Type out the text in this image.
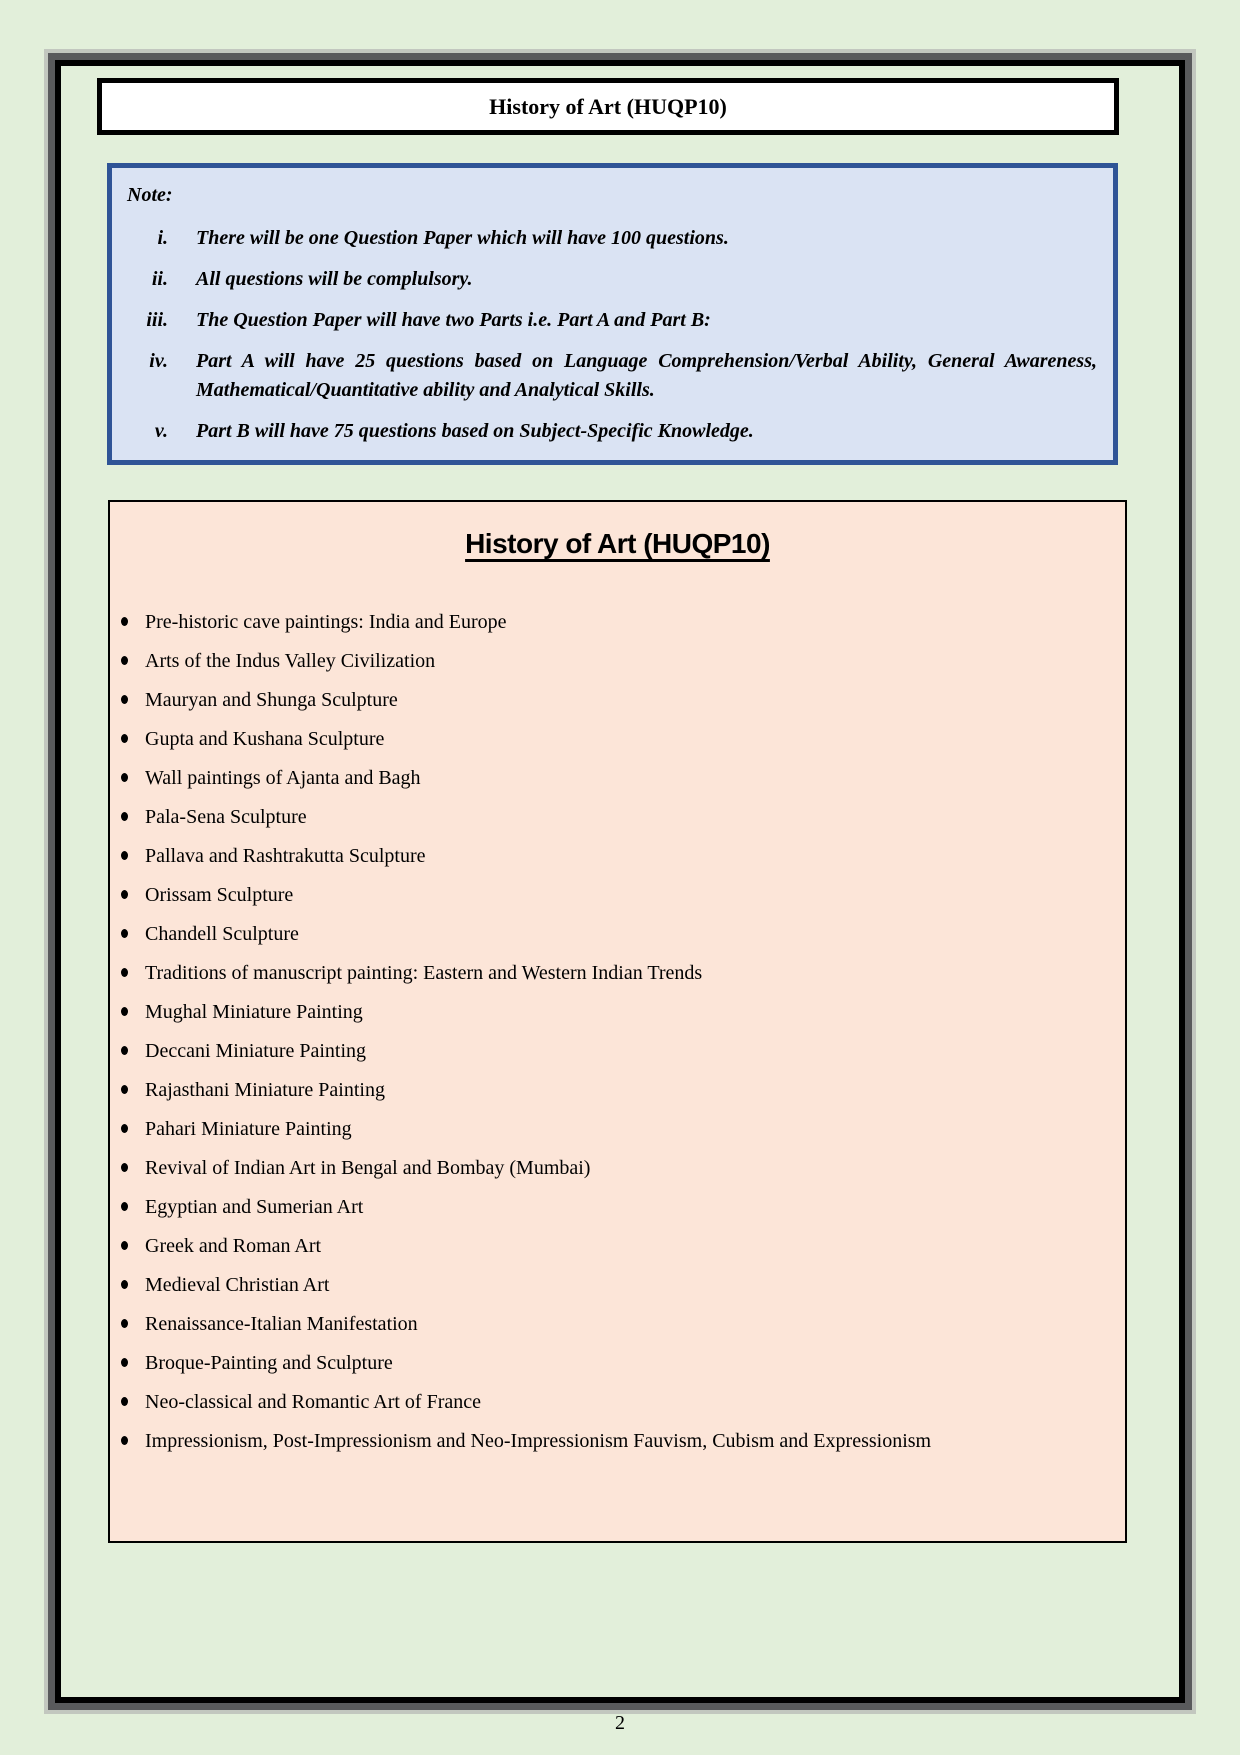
History of Art (HUQP10)
Note:
i. There will be one Question Paper which will have 100 questions.
ii. All questions will be complulsory.
iii. The Question Paper will have two Parts i.e. Part A and Part B:
iv. Part A will have 25 questions based on Language Comprehension/Verbal Ability, General Awareness, Mathematical/Quantitative ability and Analytical Skills.
v. Part B will have 75 questions based on Subject-Specific Knowledge.
History of Art (HUQP10)
Pre-historic cave paintings: India and Europe
Arts of the Indus Valley Civilization
Mauryan and Shunga Sculpture
Gupta and Kushana Sculpture
Wall paintings of Ajanta and Bagh
Pala-Sena Sculpture
Pallava and Rashtrakutta Sculpture
Orissam Sculpture
Chandell Sculpture
Traditions of manuscript painting: Eastern and Western Indian Trends
Mughal Miniature Painting
Deccani Miniature Painting
Rajasthani Miniature Painting
Pahari Miniature Painting
Revival of Indian Art in Bengal and Bombay (Mumbai)
Egyptian and Sumerian Art
Greek and Roman Art
Medieval Christian Art
Renaissance-Italian Manifestation
Broque-Painting and Sculpture
Neo-classical and Romantic Art of France
Impressionism, Post-Impressionism and Neo-Impressionism Fauvism, Cubism and Expressionism
2
